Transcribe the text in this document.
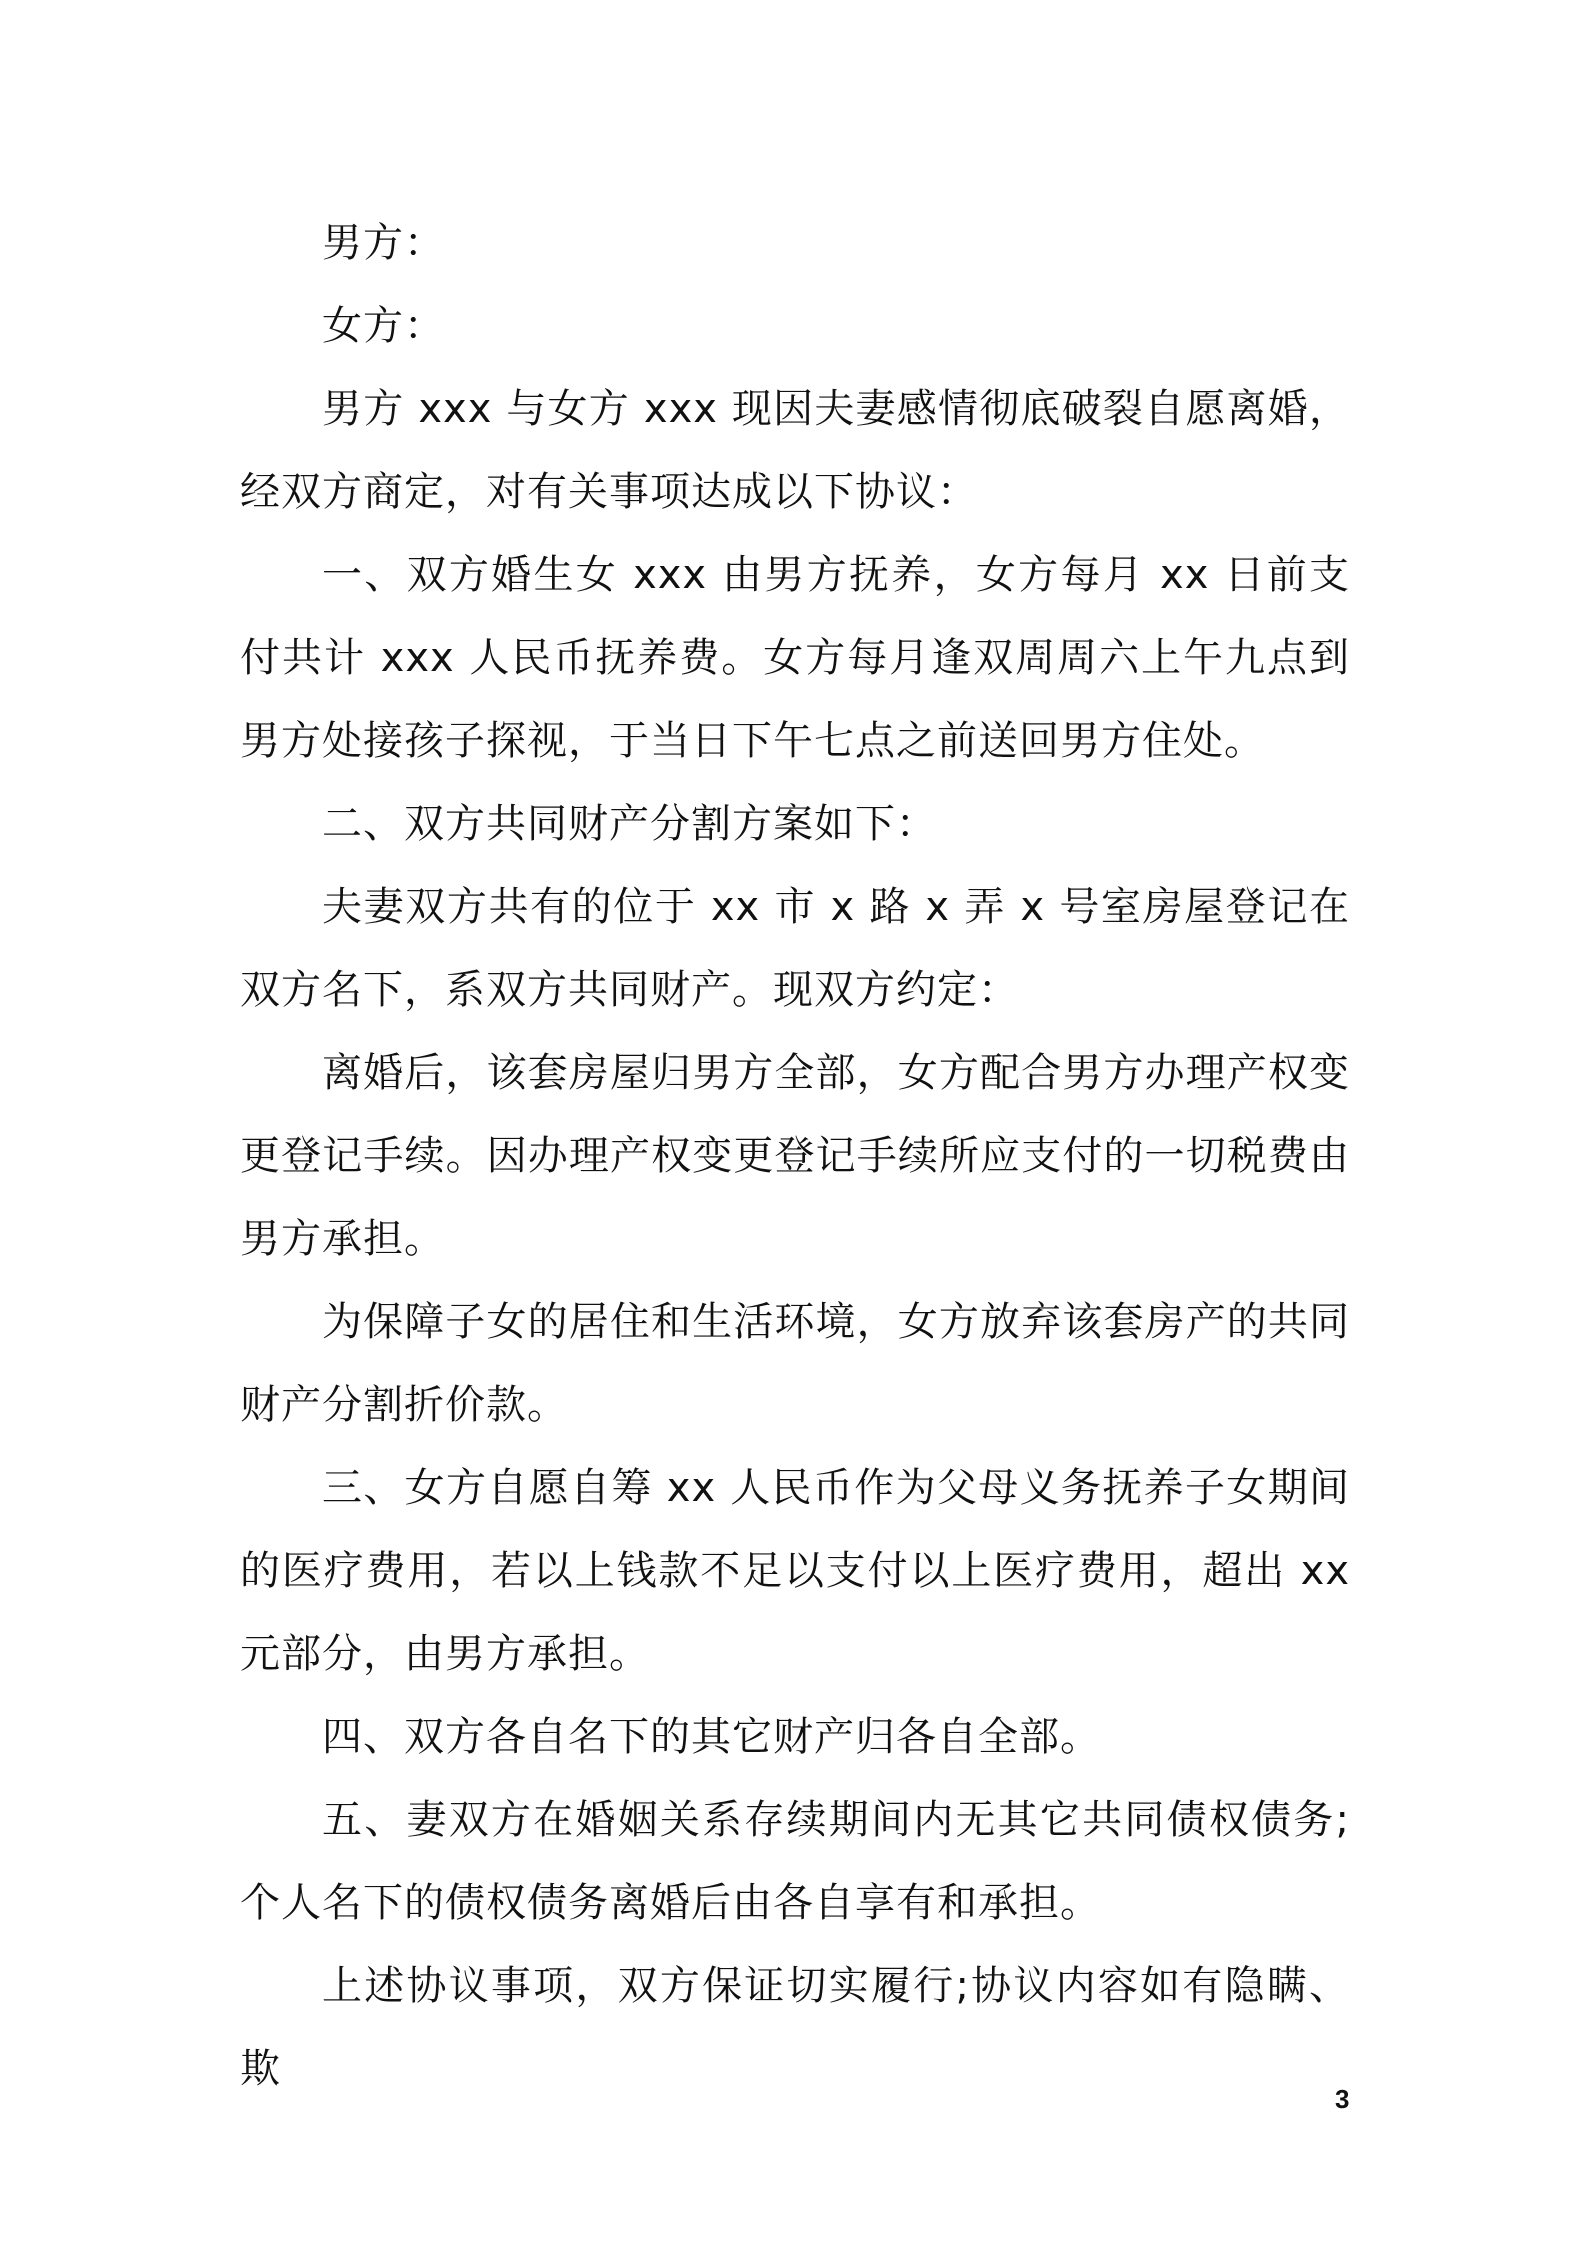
男方：

女方：

男方 xxx 与女方 xxx 现因夫妻感情彻底破裂自愿离婚，经双方商定，对有关事项达成以下协议：

一、双方婚生女 xxx 由男方抚养，女方每月 xx 日前支付共计 xxx 人民币抚养费。女方每月逢双周周六上午九点到男方处接孩子探视，于当日下午七点之前送回男方住处。

二、双方共同财产分割方案如下：

夫妻双方共有的位于 xx 市 x 路 x 弄 x 号室房屋登记在双方名下，系双方共同财产。现双方约定：

离婚后，该套房屋归男方全部，女方配合男方办理产权变更登记手续。因办理产权变更登记手续所应支付的一切税费由男方承担。

为保障子女的居住和生活环境，女方放弃该套房产的共同财产分割折价款。

三、女方自愿自筹 xx 人民币作为父母义务抚养子女期间的医疗费用，若以上钱款不足以支付以上医疗费用，超出 xx 元部分，由男方承担。

四、双方各自名下的其它财产归各自全部。

五、妻双方在婚姻关系存续期间内无其它共同债权债务;个人名下的债权债务离婚后由各自享有和承担。

上述协议事项，双方保证切实履行;协议内容如有隐瞒、欺

3
